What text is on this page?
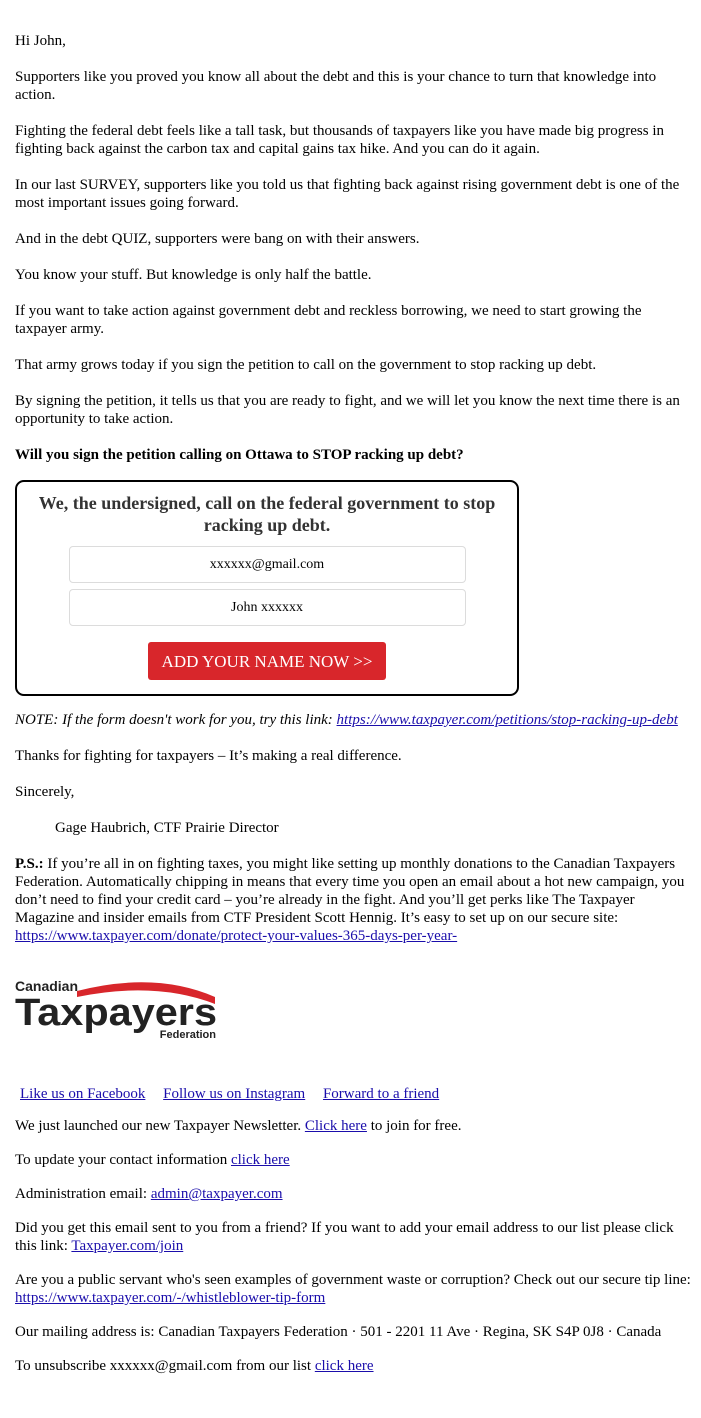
Hi John,

Supporters like you proved you know all about the debt and this is your chance to turn that knowledge into action.

Fighting the federal debt feels like a tall task, but thousands of taxpayers like you have made big progress in fighting back against the carbon tax and capital gains tax hike. And you can do it again.

In our last SURVEY, supporters like you told us that fighting back against rising government debt is one of the most important issues going forward.

And in the debt QUIZ, supporters were bang on with their answers.

You know your stuff. But knowledge is only half the battle.

If you want to take action against government debt and reckless borrowing, we need to start growing the taxpayer army.

That army grows today if you sign the petition to call on the government to stop racking up debt.

By signing the petition, it tells us that you are ready to fight, and we will let you know the next time there is an opportunity to take action.

Will you sign the petition calling on Ottawa to STOP racking up debt?

We, the undersigned, call on the federal government to stop racking up debt.
xxxxxx@gmail.com
John xxxxxx ADD YOUR NAME NOW >>

NOTE: If the form doesn't work for you, try this link: https://www.taxpayer.com/petitions/stop-racking-up-debt

Thanks for fighting for taxpayers – It’s making a real difference.

Sincerely,

Gage Haubrich, CTF Prairie Director

P.S.: If you’re all in on fighting taxes, you might like setting up monthly donations to the Canadian Taxpayers Federation. Automatically chipping in means that every time you open an email about a hot new campaign, you don’t need to find your credit card – you’re already in the fight. And you’ll get perks like The Taxpayer Magazine and insider emails from CTF President Scott Hennig. It’s easy to set up on our secure site: https://www.taxpayer.com/donate/protect-your-values-365-days-per-year-

Canadian
Taxpayers
Federation
Like us on Facebook Follow us on Instagram Forward to a friend

We just launched our new Taxpayer Newsletter. Click here to join for free.

To update your contact information click here

Administration email: admin@taxpayer.com

Did you get this email sent to you from a friend? If you want to add your email address to our list please click this link: Taxpayer.com/join

Are you a public servant who's seen examples of government waste or corruption? Check out our secure tip line: https://www.taxpayer.com/-/whistleblower-tip-form

Our mailing address is: Canadian Taxpayers Federation · 501 - 2201 11 Ave · Regina, SK S4P 0J8 · Canada

To unsubscribe xxxxxx@gmail.com from our list click here
